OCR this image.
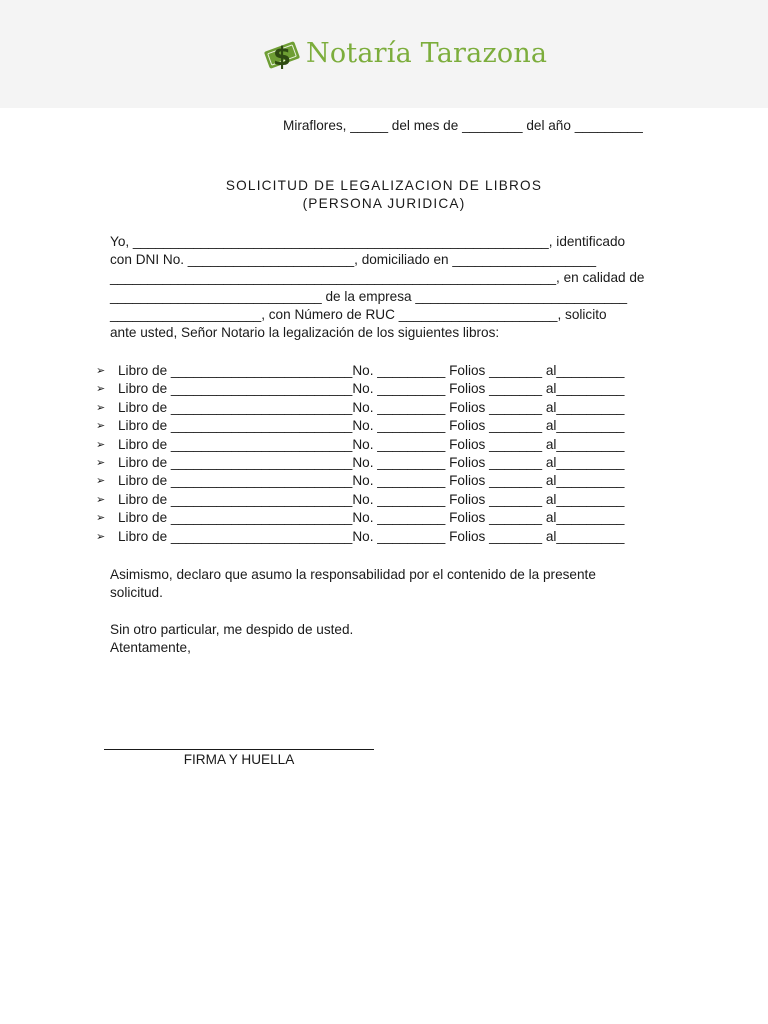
$ Notaría Tarazona
Miraflores, _____ del mes de ________ del año _________
SOLICITUD DE LEGALIZACION DE LIBROS
(PERSONA JURIDICA)
Yo, _______________________________________________________, identificado
con DNI No. ______________________, domiciliado en ___________________
___________________________________________________________, en calidad de
____________________________ de la empresa ____________________________
____________________, con Número de RUC _____________________, solicito
ante usted, Señor Notario la legalización de los siguientes libros:
➢ Libro de ________________________No. _________ Folios _______ al_________
➢ Libro de ________________________No. _________ Folios _______ al_________
➢ Libro de ________________________No. _________ Folios _______ al_________
➢ Libro de ________________________No. _________ Folios _______ al_________
➢ Libro de ________________________No. _________ Folios _______ al_________
➢ Libro de ________________________No. _________ Folios _______ al_________
➢ Libro de ________________________No. _________ Folios _______ al_________
➢ Libro de ________________________No. _________ Folios _______ al_________
➢ Libro de ________________________No. _________ Folios _______ al_________
➢ Libro de ________________________No. _________ Folios _______ al_________
Asimismo, declaro que asumo la responsabilidad por el contenido de la presente
solicitud.
Sin otro particular, me despido de usted.
Atentamente,
FIRMA Y HUELLA
